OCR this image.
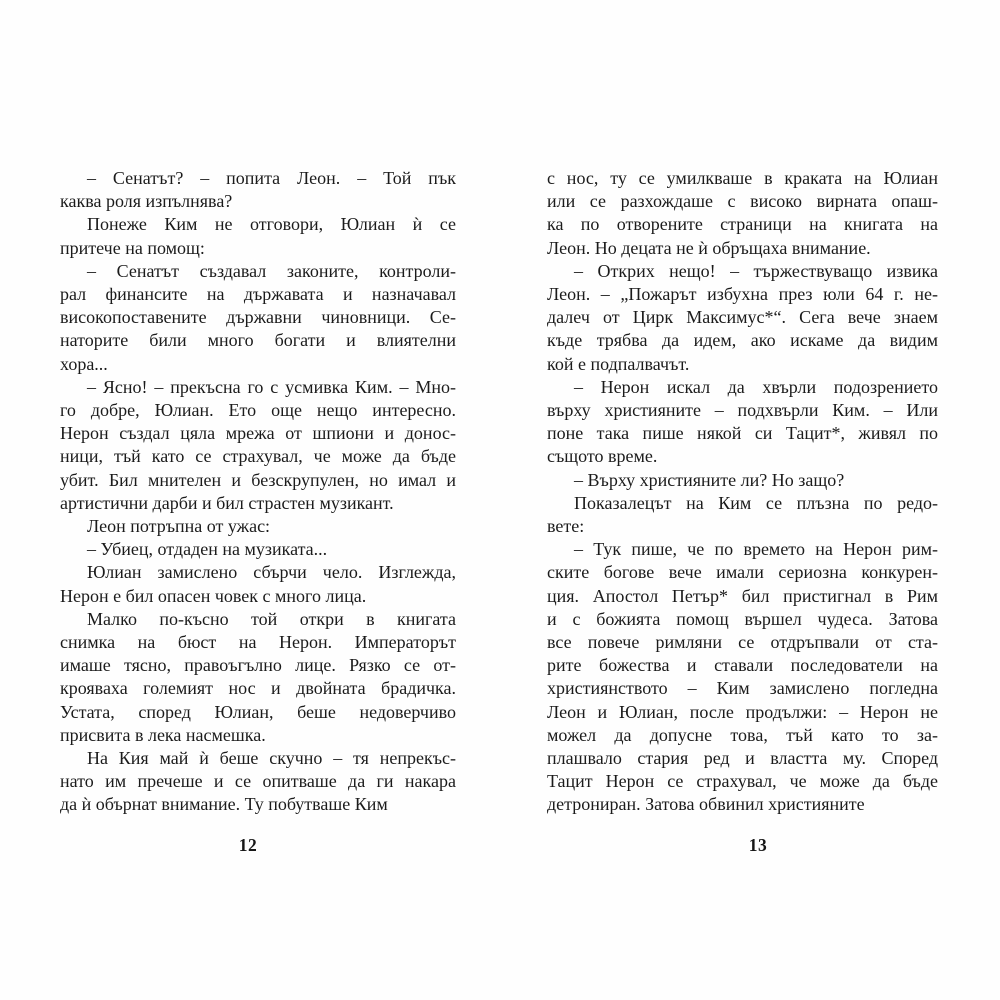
– Сенатът? – попита Леон. – Той пък
каква роля изпълнява?
Понеже Ким не отговори, Юлиан ѝ се
притече на помощ:
– Сенатът създавал законите, контроли-
рал финансите на държавата и назначавал
високопоставените държавни чиновници. Се-
наторите били много богати и влиятелни
хора...
– Ясно! – прекъсна го с усмивка Ким. – Мно-
го добре, Юлиан. Ето още нещо интересно.
Нерон създал цяла мрежа от шпиони и донос-
ници, тъй като се страхувал, че може да бъде
убит. Бил мнителен и безскрупулен, но имал и
артистични дарби и бил страстен музикант.
Леон потръпна от ужас:
– Убиец, отдаден на музиката...
Юлиан замислено сбърчи чело. Изглежда,
Нерон е бил опасен човек с много лица.
Малко по-късно той откри в книгата
снимка на бюст на Нерон. Императорът
имаше тясно, правоъгълно лице. Рязко се от-
крояваха големият нос и двойната брадичка.
Устата, според Юлиан, беше недоверчиво
присвита в лека насмешка.
На Кия май ѝ беше скучно – тя непрекъс-
нато им пречеше и се опитваше да ги накара
да ѝ обърнат внимание. Ту побутваше Ким
с нос, ту се умилкваше в краката на Юлиан
или се разхождаше с високо вирната опаш-
ка по отворените страници на книгата на
Леон. Но децата не ѝ обръщаха внимание.
– Открих нещо! – тържествуващо извика
Леон. – „Пожарът избухна през юли 64 г. не-
далеч от Цирк Максимус*“. Сега вече знаем
къде трябва да идем, ако искаме да видим
кой е подпалвачът.
– Нерон искал да хвърли подозрението
върху християните – подхвърли Ким. – Или
поне така пише някой си Тацит*, живял по
същото време.
– Върху християните ли? Но защо?
Показалецът на Ким се плъзна по редо-
вете:
– Тук пише, че по времето на Нерон рим-
ските богове вече имали сериозна конкурен-
ция. Апостол Петър* бил пристигнал в Рим
и с божията помощ вършел чудеса. Затова
все повече римляни се отдръпвали от ста-
рите божества и ставали последователи на
християнството – Ким замислено погледна
Леон и Юлиан, после продължи: – Нерон не
можел да допусне това, тъй като то за-
плашвало стария ред и властта му. Според
Тацит Нерон се страхувал, че може да бъде
детрониран. Затова обвинил християните
12	13
